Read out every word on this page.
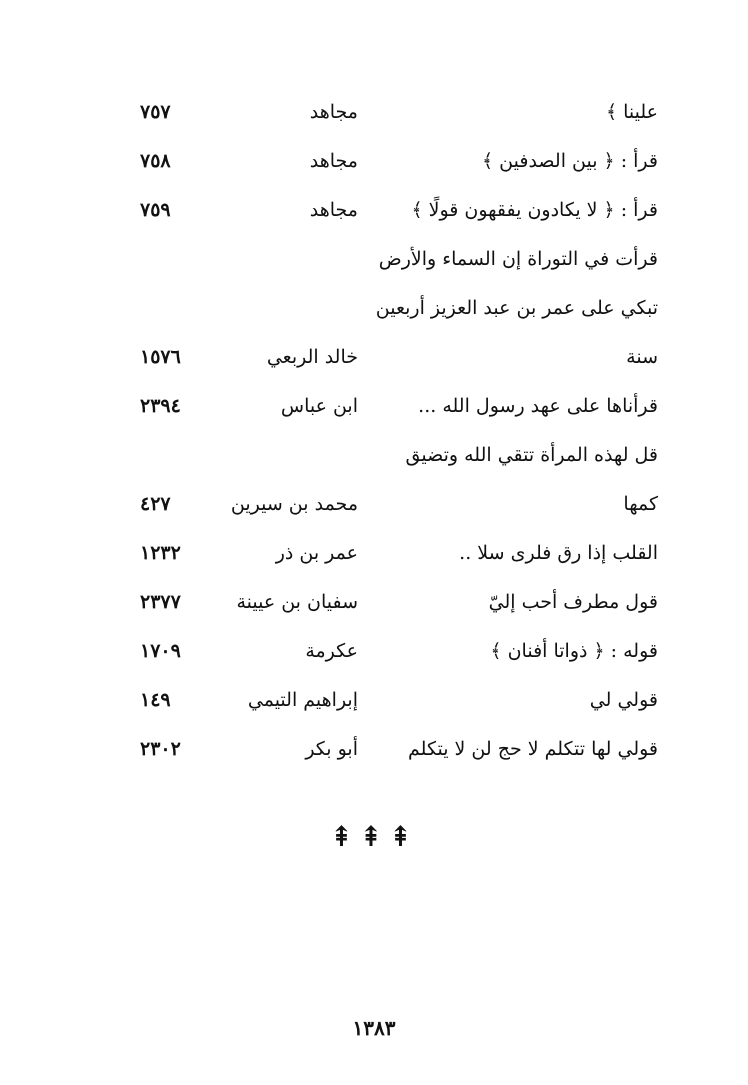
علينا ﴾
مجاهد
٧٥٧
قرأ : ﴿ بين الصدفين ﴾
مجاهد
٧٥٨
قرأ : ﴿ لا يكادون يفقهون قولًا ﴾
مجاهد
٧٥٩
قرأت في التوراة إن السماء والأرض
تبكي على عمر بن عبد العزيز أربعين
سنة
خالد الربعي
١٥٧٦
قرأناها على عهد رسول الله ...
ابن عباس
٢٣٩٤
قل لهذه المرأة تتقي الله وتضيق
كمها
محمد بن سيرين
٤٢٧
القلب إذا رق فلرى سلا ..
عمر بن ذر
١٢٣٢
قول مطرف أحب إليّ
سفيان بن عيينة
٢٣٧٧
قوله : ﴿ ذواتا أفنان ﴾
عكرمة
١٧٠٩
قولي لي
إبراهيم التيمي
١٤٩
قولي لها تتكلم لا حج لن لا يتكلم
أبو بكر
٢٣٠٢
⇞⇞⇞
١٣٨٣
